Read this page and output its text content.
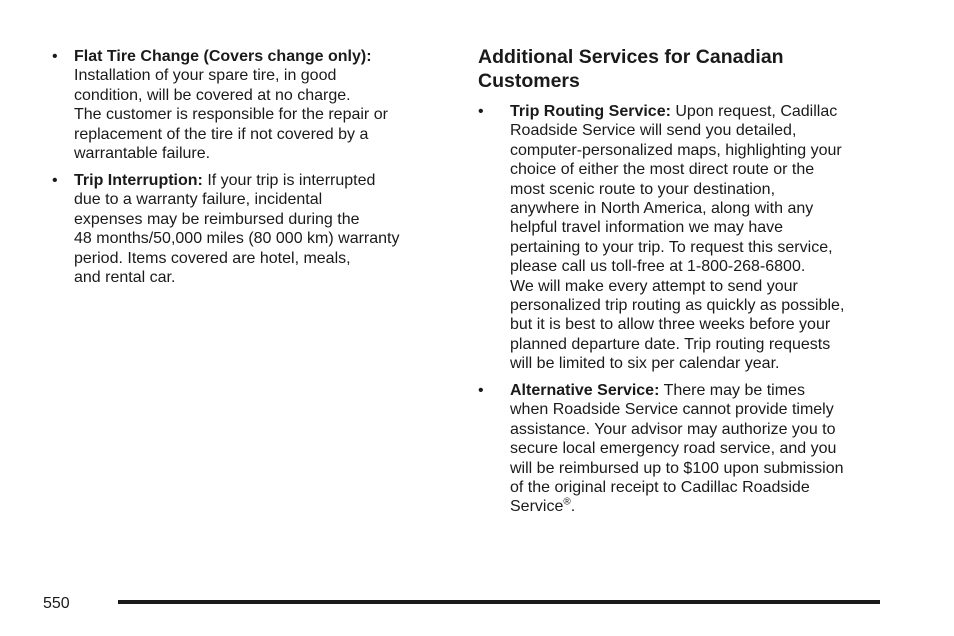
• Flat Tire Change (Covers change only):
Installation of your spare tire, in good
condition, will be covered at no charge.
The customer is responsible for the repair or
replacement of the tire if not covered by a
warrantable failure.
• Trip Interruption: If your trip is interrupted
due to a warranty failure, incidental
expenses may be reimbursed during the
48 months/50,000 miles (80 000 km) warranty
period. Items covered are hotel, meals,
and rental car.
Additional Services for Canadian
Customers
• Trip Routing Service: Upon request, Cadillac
Roadside Service will send you detailed,
computer-personalized maps, highlighting your
choice of either the most direct route or the
most scenic route to your destination,
anywhere in North America, along with any
helpful travel information we may have
pertaining to your trip. To request this service,
please call us toll-free at 1-800-268-6800.
We will make every attempt to send your
personalized trip routing as quickly as possible,
but it is best to allow three weeks before your
planned departure date. Trip routing requests
will be limited to six per calendar year.
• Alternative Service: There may be times
when Roadside Service cannot provide timely
assistance. Your advisor may authorize you to
secure local emergency road service, and you
will be reimbursed up to $100 upon submission
of the original receipt to Cadillac Roadside
Service®.
550
